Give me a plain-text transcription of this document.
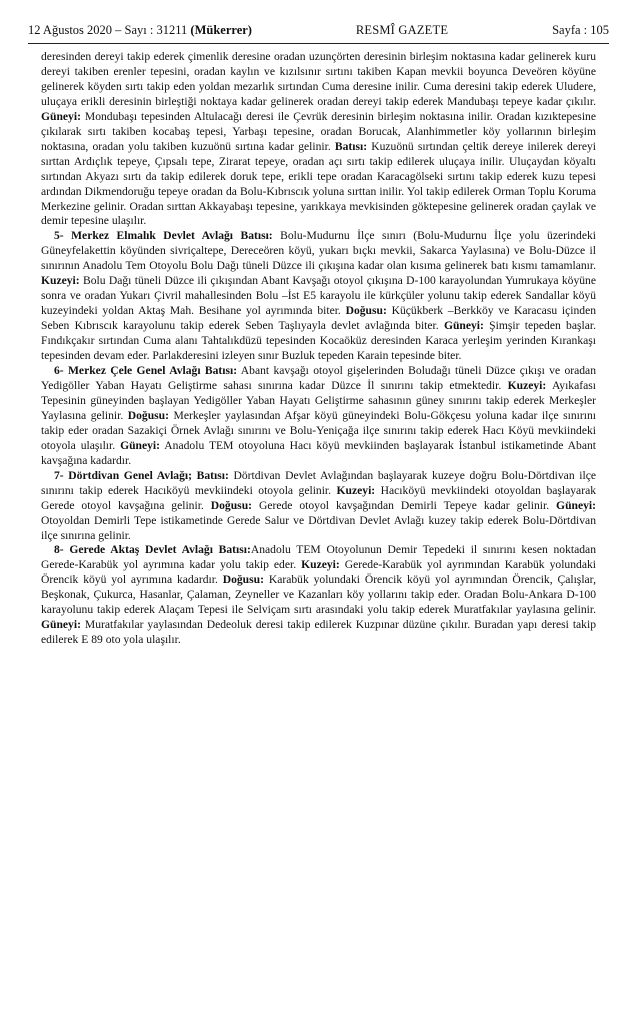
12 Ağustos 2020 – Sayı : 31211 (Mükerrer)	RESMÎ GAZETE	Sayfa : 105

deresinden dereyi takip ederek çimenlik deresine oradan uzunçörten deresinin birleşim noktasına kadar gelinerek kuru dereyi takiben erenler tepesini, oradan kaylın ve kızılsınır sırtını takiben Kapan mevkii boyunca Deveören köyüne gelinerek köyden sırtı takip eden yoldan mezarlık sırtından Cuma deresine inilir. Cuma deresini takip ederek Uludere, uluçaya erikli deresinin birleştiği noktaya kadar gelinerek oradan dereyi takip ederek Mandubaşı tepeye kadar çıkılır. Güneyi: Mondubaşı tepesinden Altulacağı deresi ile Çevrük deresinin birleşim noktasına inilir. Oradan kızıktepesine çıkılarak sırtı takiben kocabaş tepesi, Yarbaşı tepesine, oradan Borucak, Alanhimmetler köy yollarının birleşim noktasına, oradan yolu takiben kuzuönü sırtına kadar gelinir. Batısı: Kuzuönü sırtından çeltik dereye inilerek dereyi sırttan Ardıçlık tepeye, Çıpsalı tepe, Zirarat tepeye, oradan açı sırtı takip edilerek uluçaya inilir. Uluçaydan köyaltı sırtından Akyazı sırtı da takip edilerek doruk tepe, erikli tepe oradan Karacagölseki sırtını takip ederek kuzu tepesi ardından Dikmendoruğu tepeye oradan da Bolu-Kıbrıscık yoluna sırttan inilir. Yol takip edilerek Orman Toplu Koruma Merkezine gelinir. Oradan sırttan Akkayabaşı tepesine, yarıkkaya mevkisinden göktepesine gelinerek oradan çaylak ve demir tepesine ulaşılır.

5- Merkez Elmalık Devlet Avlağı Batısı: Bolu-Mudurnu İlçe sınırı (Bolu-Mudurnu İlçe yolu üzerindeki Güneyfelakettin köyünden sivriçaltepe, Dereceören köyü, yukarı bıçkı mevkii, Sakarca Yaylasına) ve Bolu-Düzce il sınırının Anadolu Tem Otoyolu Bolu Dağı tüneli Düzce ili çıkışına kadar olan kısıma gelinerek batı kısmı tamamlanır. Kuzeyi: Bolu Dağı tüneli Düzce ili çıkışından Abant Kavşağı otoyol çıkışına D-100 karayolundan Yumrukaya köyüne sonra ve oradan Yukarı Çivril mahallesinden Bolu –İst E5 karayolu ile kürkçüler yolunu takip ederek Sandallar köyü kuzeyindeki yoldan Aktaş Mah. Besihane yol ayrımında biter. Doğusu: Küçükberk –Berkköy ve Karacasu içinden Seben Kıbrıscık karayolunu takip ederek Seben Taşlıyayla devlet avlağında biter. Güneyi: Şimşir tepeden başlar. Fındıkçakır sırtından Cuma alanı Tahtalıkdüzü tepesinden Kocaöküz deresinden Karaca yerleşim yerinden Kırankaşı tepesinden devam eder. Parlakderesini izleyen sınır Buzluk tepeden Karain tepesinde biter.

6- Merkez Çele Genel Avlağı Batısı: Abant kavşağı otoyol gişelerinden Boludağı tüneli Düzce çıkışı ve oradan Yedigöller Yaban Hayatı Geliştirme sahası sınırına kadar Düzce İl sınırını takip etmektedir. Kuzeyi: Ayıkafası Tepesinin güneyinden başlayan Yedigöller Yaban Hayatı Geliştirme sahasının güney sınırını takip ederek Merkeşler Yaylasına gelinir. Doğusu: Merkeşler yaylasından Afşar köyü güneyindeki Bolu-Gökçesu yoluna kadar ilçe sınırını takip eder oradan Sazakiçi Örnek Avlağı sınırını ve Bolu-Yeniçağa ilçe sınırını takip ederek Hacı Köyü mevkiindeki otoyola ulaşılır. Güneyi: Anadolu TEM otoyoluna Hacı köyü mevkiinden başlayarak İstanbul istikametinde Abant kavşağına kadardır.

7- Dörtdivan Genel Avlağı; Batısı: Dörtdivan Devlet Avlağından başlayarak kuzeye doğru Bolu-Dörtdivan ilçe sınırını takip ederek Hacıköyü mevkiindeki otoyola gelinir. Kuzeyi: Hacıköyü mevkiindeki otoyoldan başlayarak Gerede otoyol kavşağına gelinir. Doğusu: Gerede otoyol kavşağından Demirli Tepeye kadar gelinir. Güneyi: Otoyoldan Demirli Tepe istikametinde Gerede Salur ve Dörtdivan Devlet Avlağı kuzey takip ederek Bolu-Dörtdivan ilçe sınırına gelinir.

8- Gerede Aktaş Devlet Avlağı Batısı:Anadolu TEM Otoyolunun Demir Tepedeki il sınırını kesen noktadan Gerede-Karabük yol ayrımına kadar yolu takip eder. Kuzeyi: Gerede-Karabük yol ayrımından Karabük yolundaki Örencik köyü yol ayrımına kadardır. Doğusu: Karabük yolundaki Örencik köyü yol ayrımından Örencik, Çalışlar, Beşkonak, Çukurca, Hasanlar, Çalaman, Zeyneller ve Kazanları köy yollarını takip eder. Oradan Bolu-Ankara D-100 karayolunu takip ederek Alaçam Tepesi ile Selviçam sırtı arasındaki yolu takip ederek Muratfakılar yaylasına gelinir. Güneyi: Muratfakılar yaylasından Dedeoluk deresi takip edilerek Kuzpınar düzüne çıkılır. Buradan yapı deresi takip edilerek E 89 oto yola ulaşılır.
